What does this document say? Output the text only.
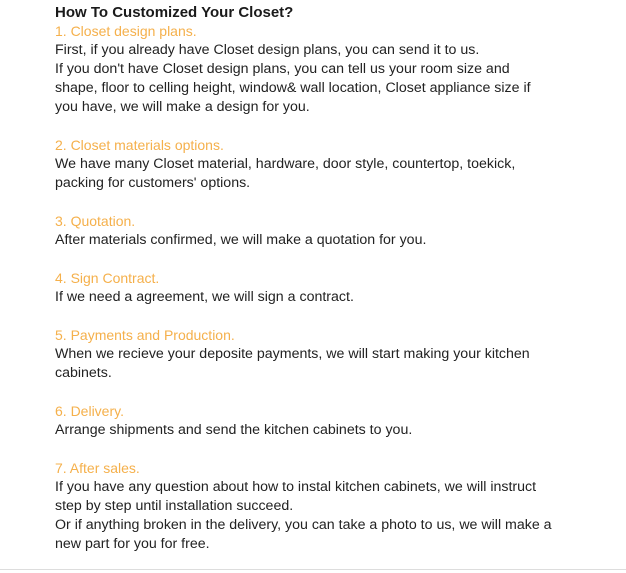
How To Customized Your Closet?

1. Closet design plans.

First, if you already have Closet design plans, you can send it to us.

If you don't have Closet design plans, you can tell us your room size and
shape, floor to celling height, window& wall location, Closet appliance size if
you have, we will make a design for you.

2. Closet materials options.

We have many Closet material, hardware, door style, countertop, toekick,
packing for customers' options.

3. Quotation.

After materials confirmed, we will make a quotation for you.

4. Sign Contract.

If we need a agreement, we will sign a contract.

5. Payments and Production.

When we recieve your deposite payments, we will start making your kitchen
cabinets.

6. Delivery.

Arrange shipments and send the kitchen cabinets to you.

7. After sales.

If you have any question about how to instal kitchen cabinets, we will instruct
step by step until installation succeed.

Or if anything broken in the delivery, you can take a photo to us, we will make a
new part for you for free.
